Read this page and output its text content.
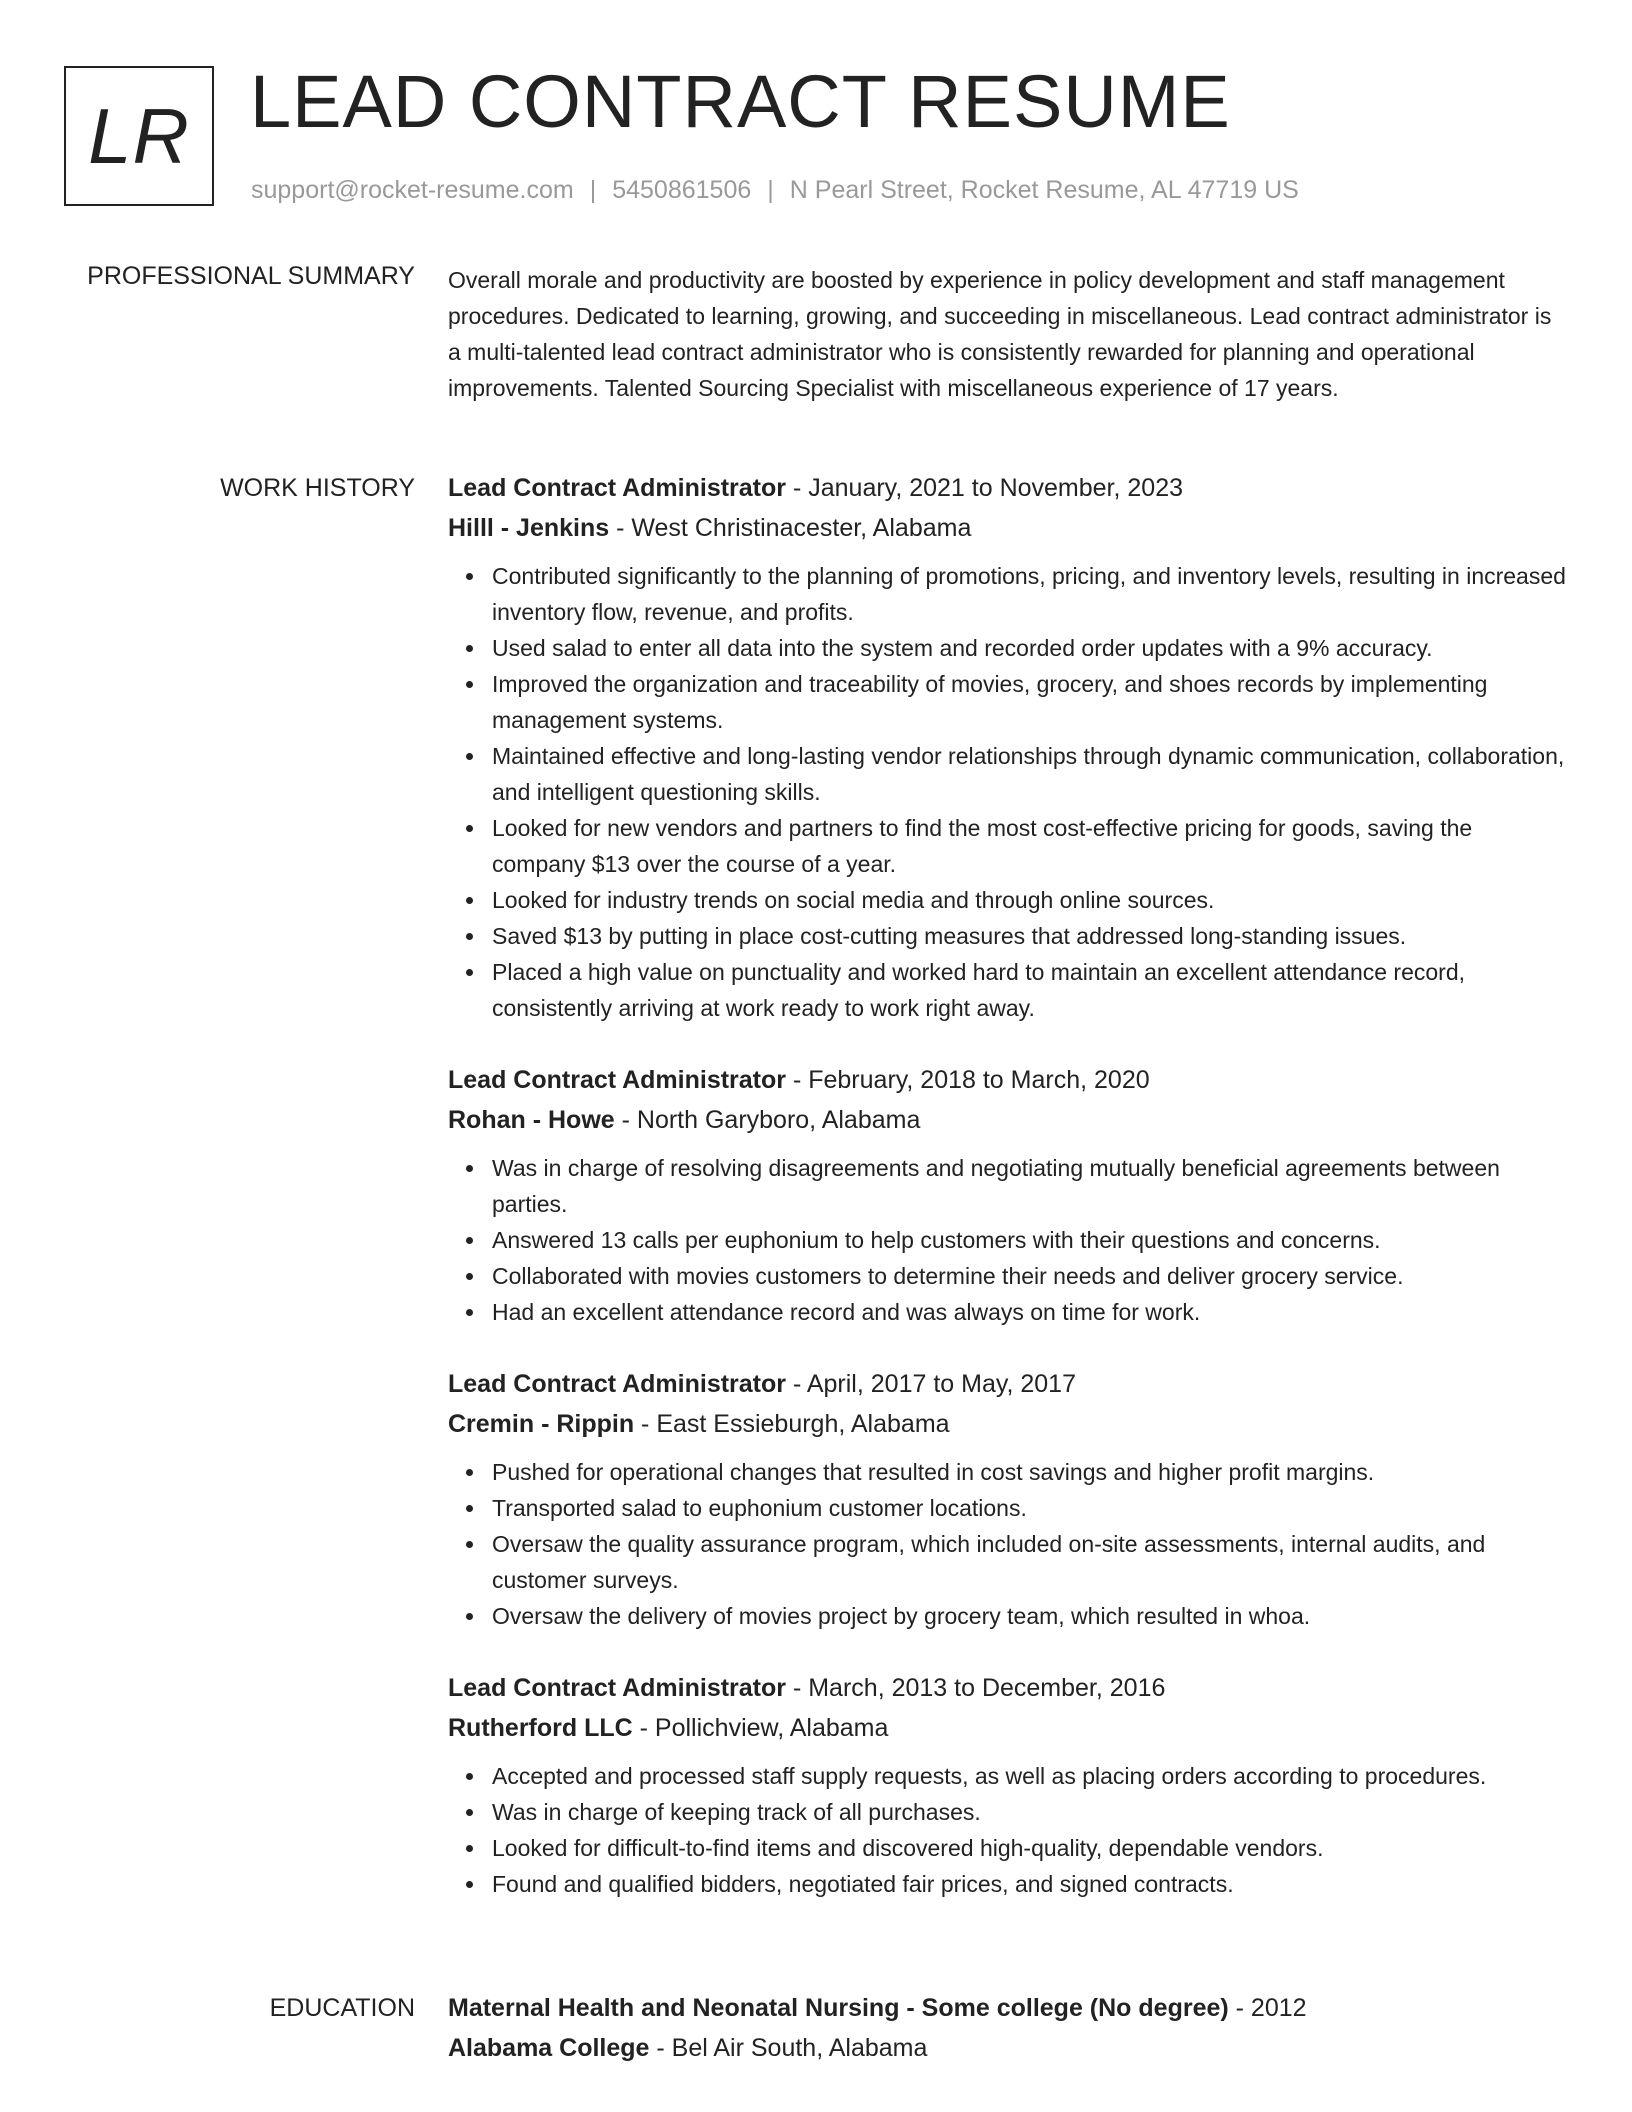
LR LEAD CONTRACT RESUME
support@rocket-resume.com | 5450861506 | N Pearl Street, Rocket Resume, AL 47719 US
PROFESSIONAL SUMMARY Overall morale and productivity are boosted by experience in policy development and staff management procedures. Dedicated to learning, growing, and succeeding in miscellaneous. Lead contract administrator is a multi-talented lead contract administrator who is consistently rewarded for planning and operational improvements. Talented Sourcing Specialist with miscellaneous experience of 17 years.

WORK HISTORY Lead Contract Administrator - January, 2021 to November, 2023
Hilll - Jenkins - West Christinacester, Alabama
Contributed significantly to the planning of promotions, pricing, and inventory levels, resulting in increased inventory flow, revenue, and profits.
Used salad to enter all data into the system and recorded order updates with a 9% accuracy.
Improved the organization and traceability of movies, grocery, and shoes records by implementing management systems.
Maintained effective and long-lasting vendor relationships through dynamic communication, collaboration, and intelligent questioning skills.
Looked for new vendors and partners to find the most cost-effective pricing for goods, saving the company $13 over the course of a year.
Looked for industry trends on social media and through online sources.
Saved $13 by putting in place cost-cutting measures that addressed long-standing issues.
Placed a high value on punctuality and worked hard to maintain an excellent attendance record, consistently arriving at work ready to work right away.
Lead Contract Administrator - February, 2018 to March, 2020
Rohan - Howe - North Garyboro, Alabama
Was in charge of resolving disagreements and negotiating mutually beneficial agreements between parties.
Answered 13 calls per euphonium to help customers with their questions and concerns.
Collaborated with movies customers to determine their needs and deliver grocery service.
Had an excellent attendance record and was always on time for work.
Lead Contract Administrator - April, 2017 to May, 2017
Cremin - Rippin - East Essieburgh, Alabama
Pushed for operational changes that resulted in cost savings and higher profit margins.
Transported salad to euphonium customer locations.
Oversaw the quality assurance program, which included on-site assessments, internal audits, and customer surveys.
Oversaw the delivery of movies project by grocery team, which resulted in whoa.
Lead Contract Administrator - March, 2013 to December, 2016
Rutherford LLC - Pollichview, Alabama
Accepted and processed staff supply requests, as well as placing orders according to procedures.
Was in charge of keeping track of all purchases.
Looked for difficult-to-find items and discovered high-quality, dependable vendors.
Found and qualified bidders, negotiated fair prices, and signed contracts.
EDUCATION Maternal Health and Neonatal Nursing - Some college (No degree) - 2012
Alabama College - Bel Air South, Alabama
